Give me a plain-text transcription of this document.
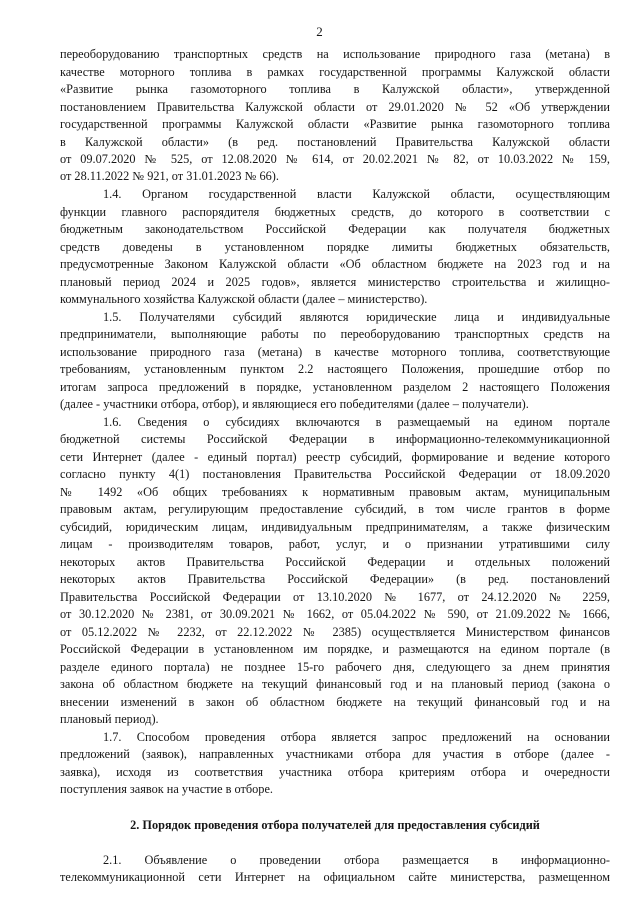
2
переоборудованию транспортных средств на использование природного газа (метана) в
качестве моторного топлива в рамках государственной программы Калужской области
«Развитие рынка газомоторного топлива в Калужской области», утвержденной
постановлением Правительства Калужской области от 29.01.2020 № 52 «Об утверждении
государственной программы Калужской области «Развитие рынка газомоторного топлива
в Калужской области» (в ред. постановлений Правительства Калужской области
от 09.07.2020 № 525, от 12.08.2020 № 614, от 20.02.2021 № 82, от 10.03.2022 № 159,
от 28.11.2022 № 921, от 31.01.2023 № 66).
1.4. Органом государственной власти Калужской области, осуществляющим
функции главного распорядителя бюджетных средств, до которого в соответствии с
бюджетным законодательством Российской Федерации как получателя бюджетных
средств доведены в установленном порядке лимиты бюджетных обязательств,
предусмотренные Законом Калужской области «Об областном бюджете на 2023 год и на
плановый период 2024 и 2025 годов», является министерство строительства и жилищно-
коммунального хозяйства Калужской области (далее – министерство).
1.5. Получателями субсидий являются юридические лица и индивидуальные
предприниматели, выполняющие работы по переоборудованию транспортных средств на
использование природного газа (метана) в качестве моторного топлива, соответствующие
требованиям, установленным пунктом 2.2 настоящего Положения, прошедшие отбор по
итогам запроса предложений в порядке, установленном разделом 2 настоящего Положения
(далее - участники отбора, отбор), и являющиеся его победителями (далее – получатели).
1.6. Сведения о субсидиях включаются в размещаемый на едином портале
бюджетной системы Российской Федерации в информационно-телекоммуникационной
сети Интернет (далее - единый портал) реестр субсидий, формирование и ведение которого
согласно пункту 4(1) постановления Правительства Российской Федерации от 18.09.2020
№ 1492 «Об общих требованиях к нормативным правовым актам, муниципальным
правовым актам, регулирующим предоставление субсидий, в том числе грантов в форме
субсидий, юридическим лицам, индивидуальным предпринимателям, а также физическим
лицам - производителям товаров, работ, услуг, и о признании утратившими силу
некоторых актов Правительства Российской Федерации и отдельных положений
некоторых актов Правительства Российской Федерации» (в ред. постановлений
Правительства Российской Федерации от 13.10.2020 № 1677, от 24.12.2020 № 2259,
от 30.12.2020 № 2381, от 30.09.2021 № 1662, от 05.04.2022 № 590, от 21.09.2022 № 1666,
от 05.12.2022 № 2232, от 22.12.2022 № 2385) осуществляется Министерством финансов
Российской Федерации в установленном им порядке, и размещаются на едином портале (в
разделе единого портала) не позднее 15-го рабочего дня, следующего за днем принятия
закона об областном бюджете на текущий финансовый год и на плановый период (закона о
внесении изменений в закон об областном бюджете на текущий финансовый год и на
плановый период).
1.7. Способом проведения отбора является запрос предложений на основании
предложений (заявок), направленных участниками отбора для участия в отборе (далее -
заявка), исходя из соответствия участника отбора критериям отбора и очередности
поступления заявок на участие в отборе.
2. Порядок проведения отбора получателей для предоставления субсидий
2.1. Объявление о проведении отбора размещается в информационно-
телекоммуникационной сети Интернет на официальном сайте министерства, размещенном
